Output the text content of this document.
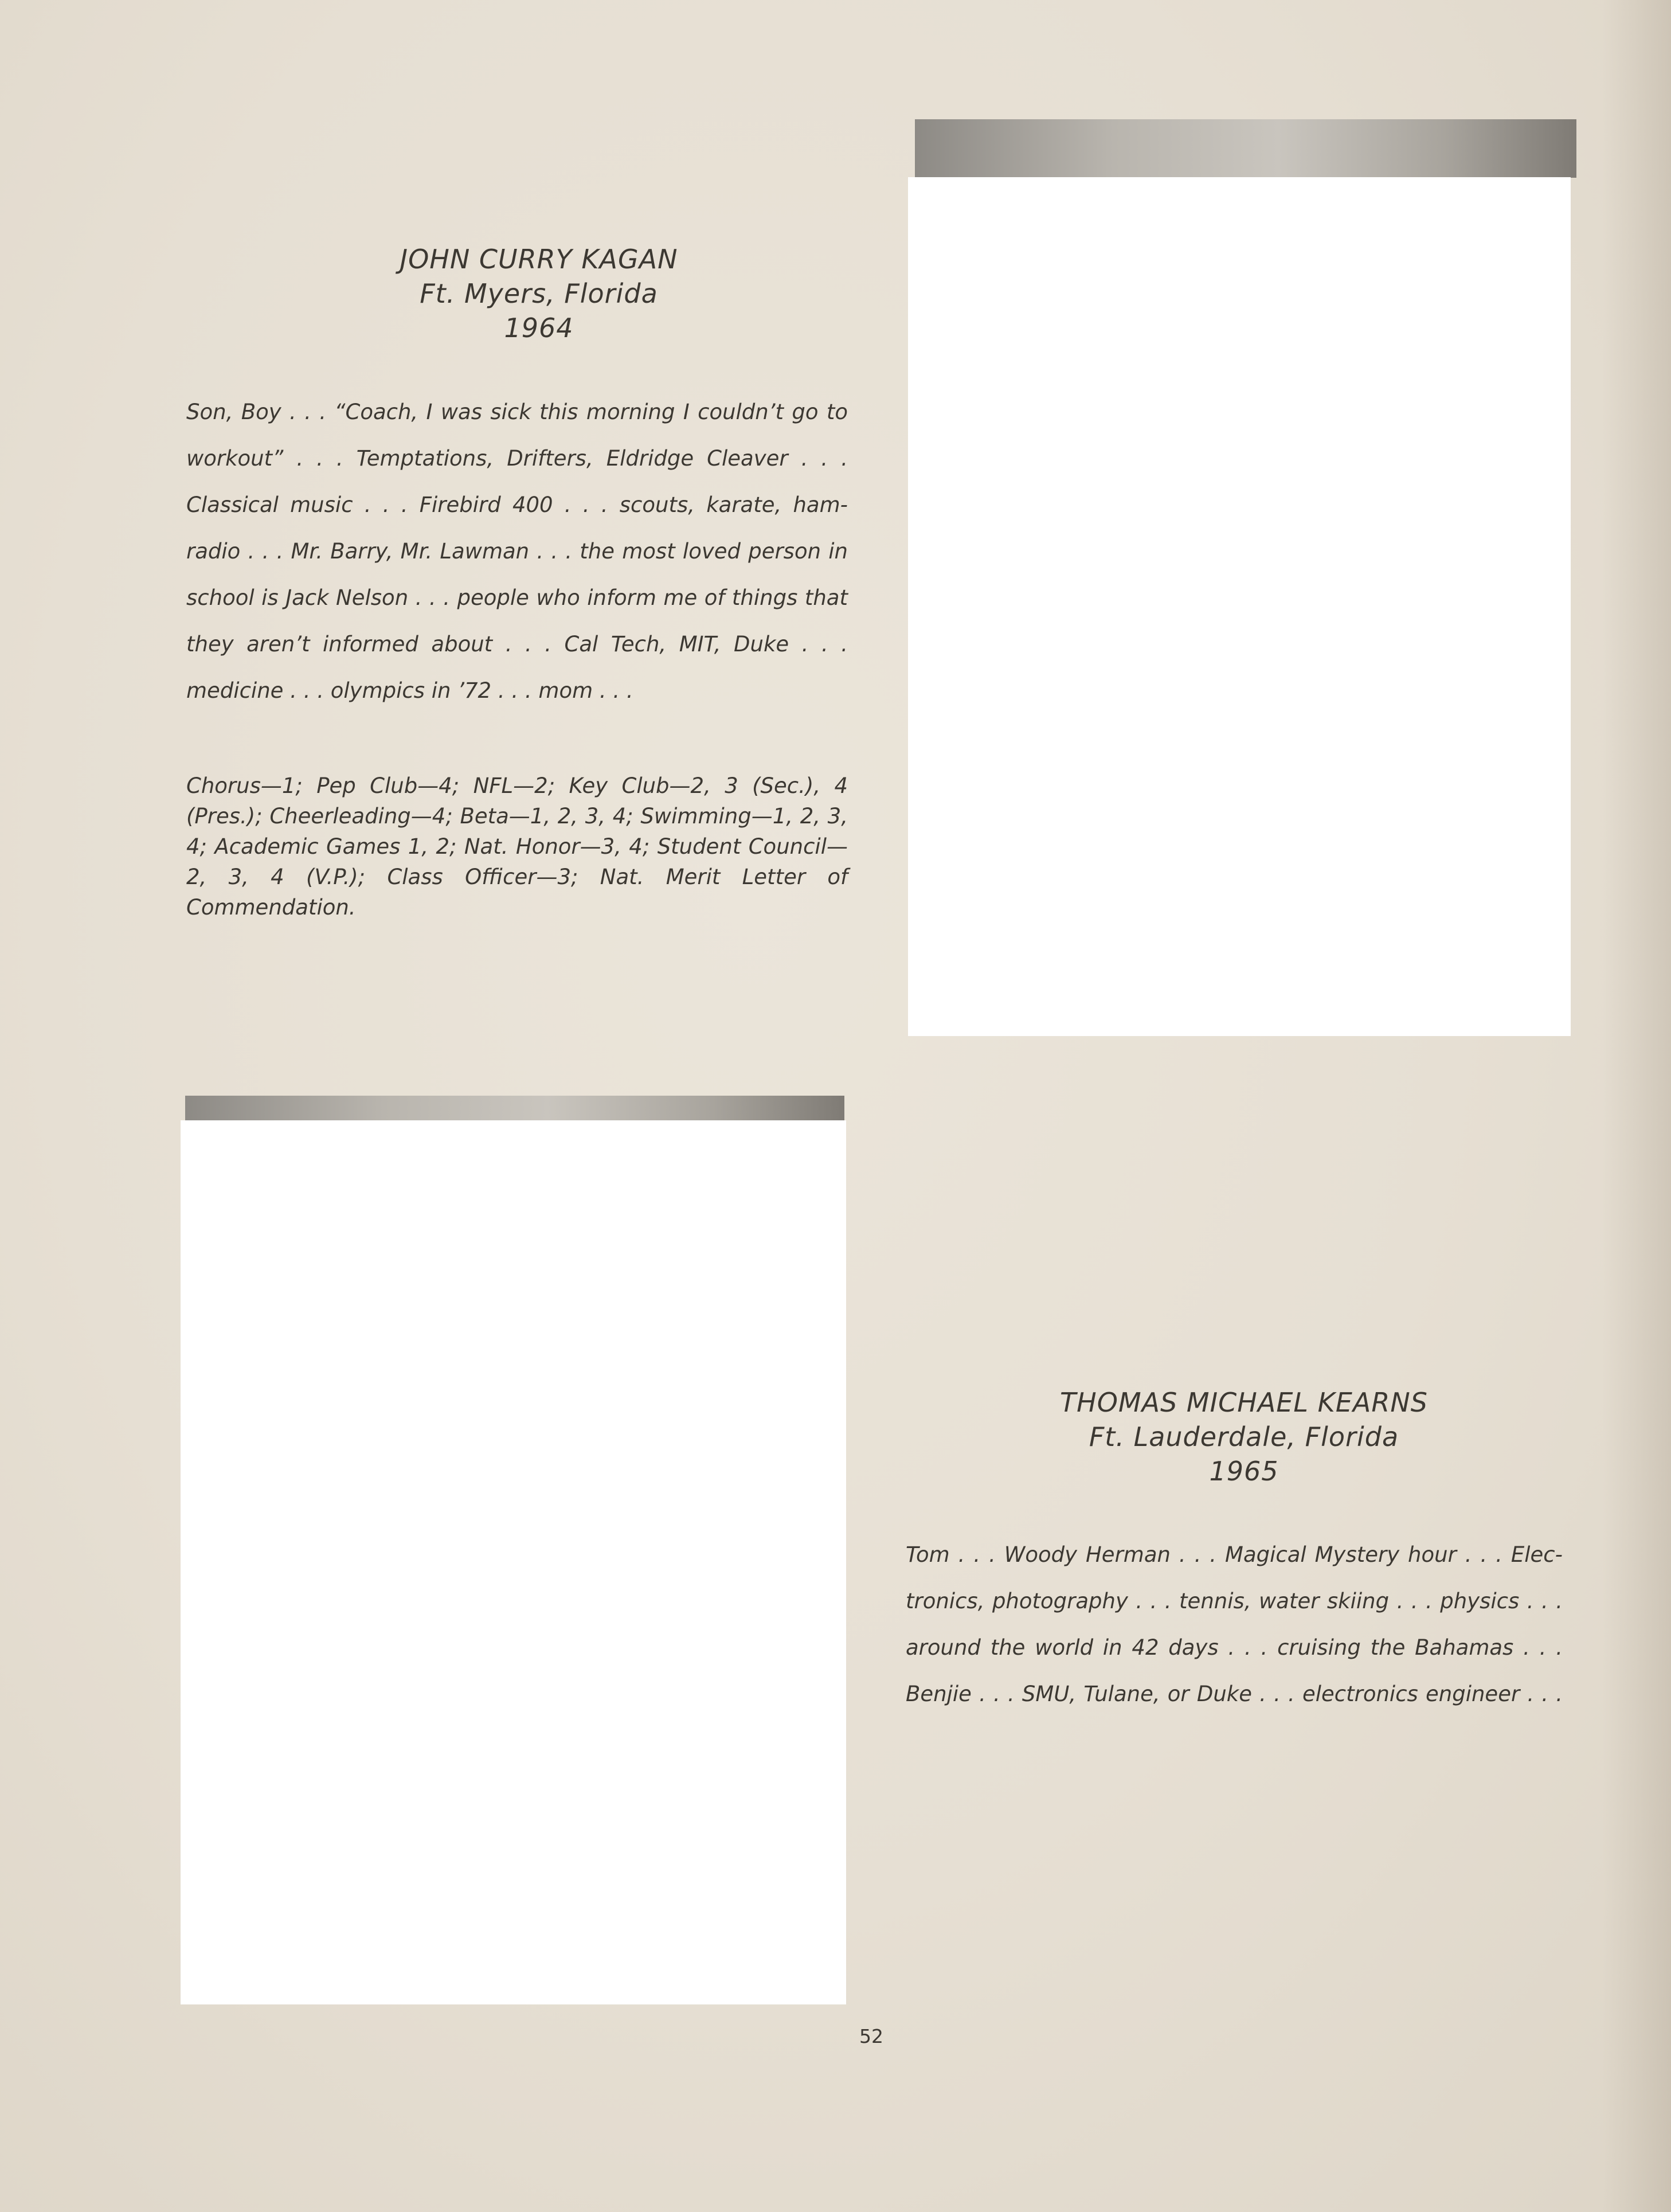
JOHN CURRY KAGAN
Ft. Myers, Florida
1964
Son, Boy . . . “Coach, I was sick this morning I couldn’t go to
workout” . . . Temptations, Drifters, Eldridge Cleaver . . .
Classical music . . . Firebird 400 . . . scouts, karate, ham-
radio . . . Mr. Barry, Mr. Lawman . . . the most loved person in
school is Jack Nelson . . . people who inform me of things that
they aren’t informed about . . . Cal Tech, MIT, Duke . . .
medicine . . . olympics in ’72 . . . mom . . .
Chorus—1; Pep Club—4; NFL—2; Key Club—2, 3 (Sec.), 4 (Pres.); Cheerleading—4; Beta—1, 2, 3, 4; Swimming—1, 2, 3, 4; Academic Games 1, 2; Nat. Honor—3, 4; Student Council—2, 3, 4 (V.P.); Class Officer—3; Nat. Merit Letter of Commendation.
THOMAS MICHAEL KEARNS
Ft. Lauderdale, Florida
1965
Tom . . . Woody Herman . . . Magical Mystery hour . . . Elec-
tronics, photography . . . tennis, water skiing . . . physics . . .
around the world in 42 days . . . cruising the Bahamas . . .
Benjie . . . SMU, Tulane, or Duke . . . electronics engineer . . .
52
